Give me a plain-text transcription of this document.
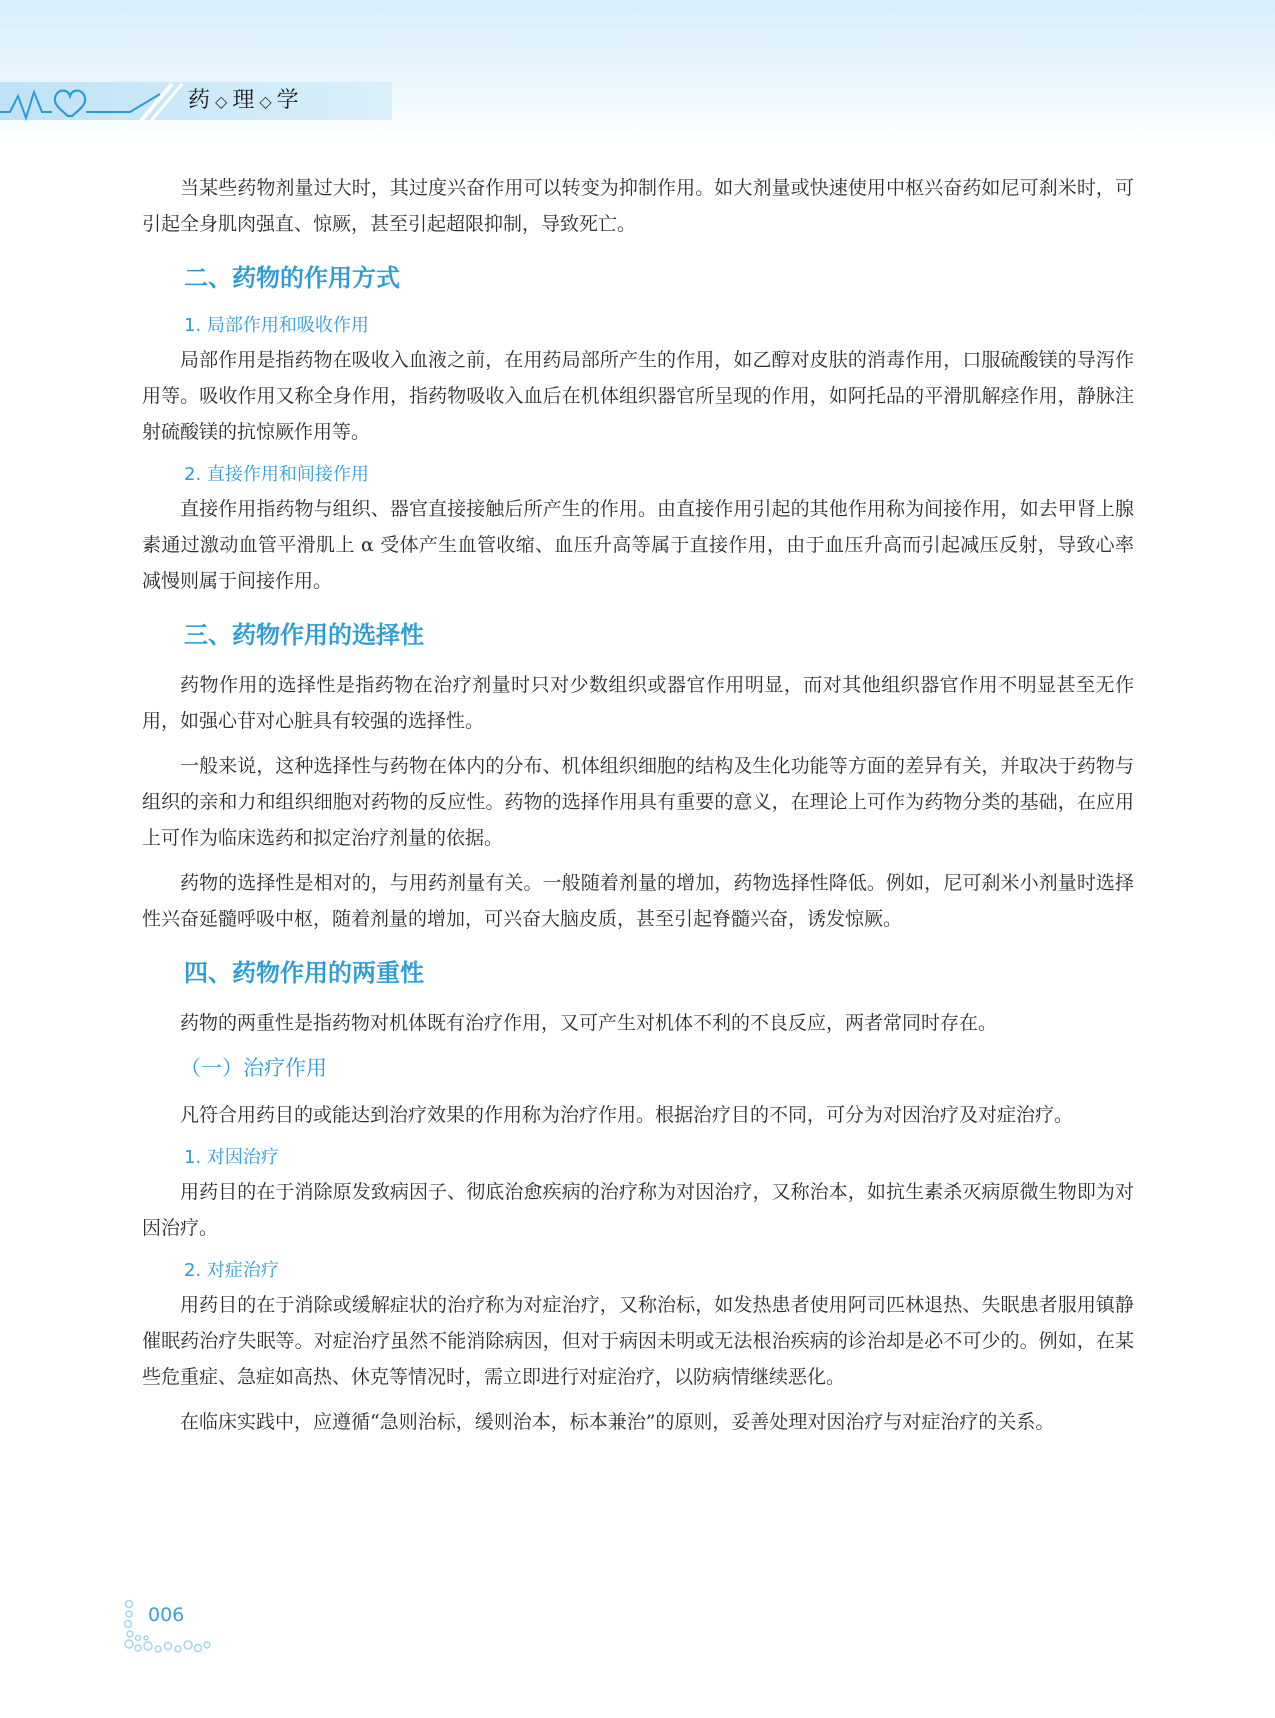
药 ◇ 理 ◇ 学

当某些药物剂量过大时，其过度兴奋作用可以转变为抑制作用。如大剂量或快速使用中枢兴奋药如尼可刹米时，可引起全身肌肉强直、惊厥，甚至引起超限抑制，导致死亡。

二、药物的作用方式
1. 局部作用和吸收作用

局部作用是指药物在吸收入血液之前，在用药局部所产生的作用，如乙醇对皮肤的消毒作用，口服硫酸镁的导泻作用等。吸收作用又称全身作用，指药物吸收入血后在机体组织器官所呈现的作用，如阿托品的平滑肌解痉作用，静脉注射硫酸镁的抗惊厥作用等。

2. 直接作用和间接作用

直接作用指药物与组织、器官直接接触后所产生的作用。由直接作用引起的其他作用称为间接作用，如去甲肾上腺素通过激动血管平滑肌上 α 受体产生血管收缩、血压升高等属于直接作用，由于血压升高而引起减压反射，导致心率减慢则属于间接作用。

三、药物作用的选择性

药物作用的选择性是指药物在治疗剂量时只对少数组织或器官作用明显，而对其他组织器官作用不明显甚至无作用，如强心苷对心脏具有较强的选择性。

一般来说，这种选择性与药物在体内的分布、机体组织细胞的结构及生化功能等方面的差异有关，并取决于药物与组织的亲和力和组织细胞对药物的反应性。药物的选择作用具有重要的意义，在理论上可作为药物分类的基础，在应用上可作为临床选药和拟定治疗剂量的依据。

药物的选择性是相对的，与用药剂量有关。一般随着剂量的增加，药物选择性降低。例如，尼可刹米小剂量时选择性兴奋延髓呼吸中枢，随着剂量的增加，可兴奋大脑皮质，甚至引起脊髓兴奋，诱发惊厥。

四、药物作用的两重性

药物的两重性是指药物对机体既有治疗作用，又可产生对机体不利的不良反应，两者常同时存在。

（一）治疗作用

凡符合用药目的或能达到治疗效果的作用称为治疗作用。根据治疗目的不同，可分为对因治疗及对症治疗。

1. 对因治疗

用药目的在于消除原发致病因子、彻底治愈疾病的治疗称为对因治疗，又称治本，如抗生素杀灭病原微生物即为对因治疗。

2. 对症治疗

用药目的在于消除或缓解症状的治疗称为对症治疗，又称治标，如发热患者使用阿司匹林退热、失眠患者服用镇静催眠药治疗失眠等。对症治疗虽然不能消除病因，但对于病因未明或无法根治疾病的诊治却是必不可少的。例如，在某些危重症、急症如高热、休克等情况时，需立即进行对症治疗，以防病情继续恶化。

在临床实践中，应遵循“急则治标，缓则治本，标本兼治”的原则，妥善处理对因治疗与对症治疗的关系。

006
